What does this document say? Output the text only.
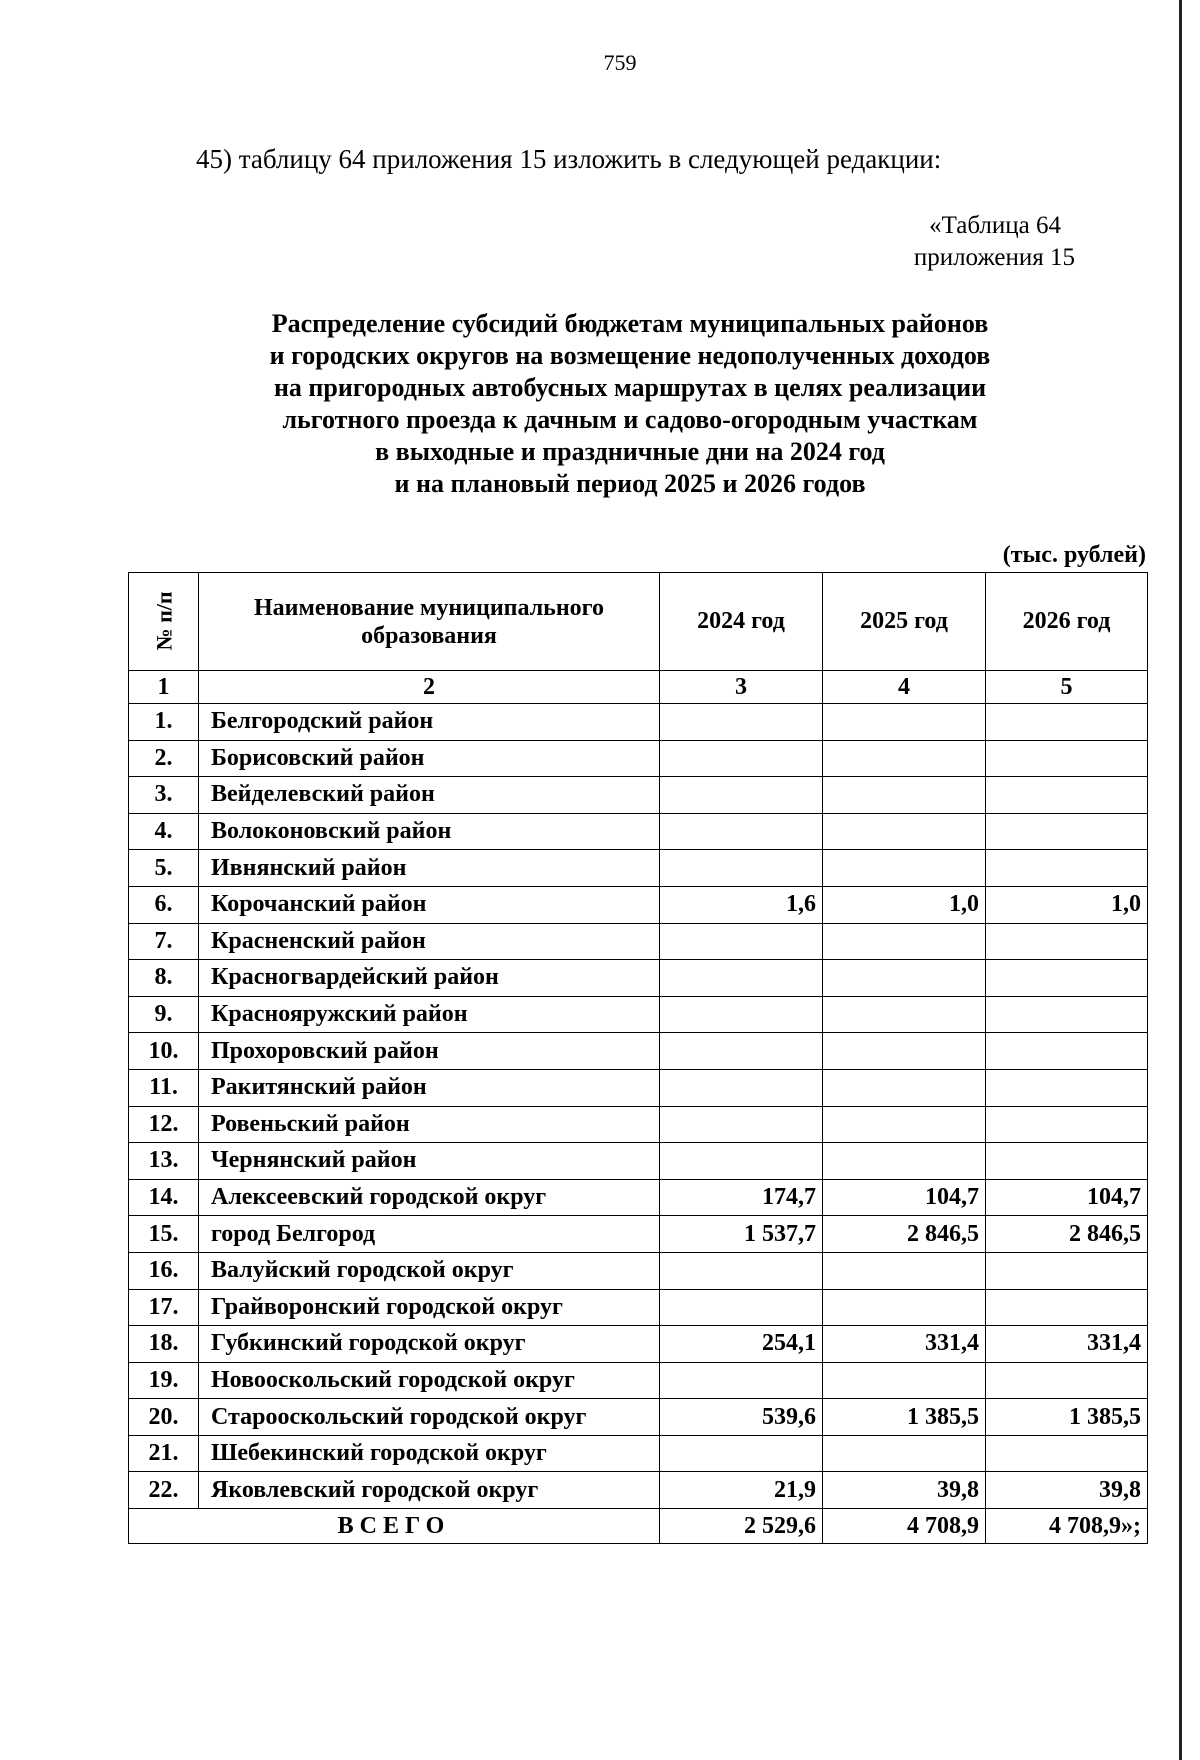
759
45) таблицу 64 приложения 15 изложить в следующей редакции:
«Таблица 64
приложения 15
Распределение субсидий бюджетам муниципальных районов
и городских округов на возмещение недополученных доходов
на пригородных автобусных маршрутах в целях реализации
льготного проезда к дачным и садово-огородным участкам
в выходные и праздничные дни на 2024 год
и на плановый период 2025 и 2026 годов
(тыс. рублей)
№ п/п	Наименование муниципального образования	2024 год	2025 год	2026 год
1	2	3	4	5
1.	Белгородский район			
2.	Борисовский район			
3.	Вейделевский район			
4.	Волоконовский район			
5.	Ивнянский район			
6.	Корочанский район	1,6	1,0	1,0
7.	Красненский район			
8.	Красногвардейский район			
9.	Краснояружский район			
10.	Прохоровский район			
11.	Ракитянский район			
12.	Ровеньский район			
13.	Чернянский район			
14.	Алексеевский городской округ	174,7	104,7	104,7
15.	город Белгород	1 537,7	2 846,5	2 846,5
16.	Валуйский городской округ			
17.	Грайворонский городской округ			
18.	Губкинский городской округ	254,1	331,4	331,4
19.	Новооскольский городской округ			
20.	Старооскольский городской округ	539,6	1 385,5	1 385,5
21.	Шебекинский городской округ			
22.	Яковлевский городской округ	21,9	39,8	39,8
ВСЕГО		2 529,6	4 708,9	4 708,9»;
